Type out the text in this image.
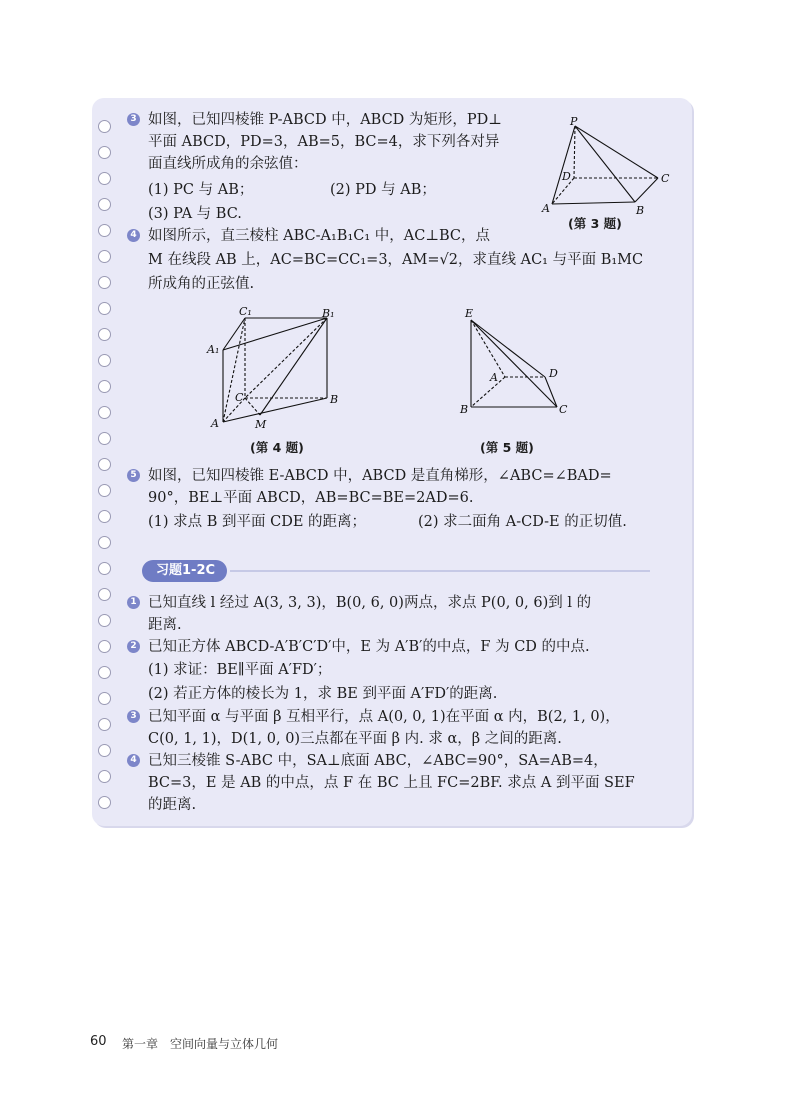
3 如图，已知四棱锥 P-ABCD 中，ABCD 为矩形，PD⊥
平面 ABCD，PD=3，AB=5，BC=4，求下列各对异
面直线所成角的余弦值：
(1) PC 与 AB；	(2) PD 与 AB；
(3) PA 与 BC.
P
D	C
A	B
(第 3 题)
4 如图所示，直三棱柱 ABC-A₁B₁C₁ 中，AC⊥BC，点
M 在线段 AB 上，AC=BC=CC₁=3，AM=√2，求直线 AC₁ 与平面 B₁MC
所成角的正弦值.
C₁	B₁
A₁
C	B
A	M
(第 4 题)
E
A	D
B	C
(第 5 题)
5 如图，已知四棱锥 E-ABCD 中，ABCD 是直角梯形，∠ABC=∠BAD=
90°，BE⊥平面 ABCD，AB=BC=BE=2AD=6.
(1) 求点 B 到平面 CDE 的距离；	(2) 求二面角 A-CD-E 的正切值.
习题1-2C
1 已知直线 l 经过 A(3, 3, 3)，B(0, 6, 0)两点，求点 P(0, 0, 6)到 l 的
距离.
2 已知正方体 ABCD-A′B′C′D′中，E 为 A′B′的中点，F 为 CD 的中点.
(1) 求证：BE∥平面 A′FD′；
(2) 若正方体的棱长为 1，求 BE 到平面 A′FD′的距离.
3 已知平面 α 与平面 β 互相平行，点 A(0, 0, 1)在平面 α 内，B(2, 1, 0)，
C(0, 1, 1)，D(1, 0, 0)三点都在平面 β 内. 求 α，β 之间的距离.
4 已知三棱锥 S-ABC 中，SA⊥底面 ABC，∠ABC=90°，SA=AB=4，
BC=3，E 是 AB 的中点，点 F 在 BC 上且 FC=2BF. 求点 A 到平面 SEF
的距离.
60 第一章　空间向量与立体几何
